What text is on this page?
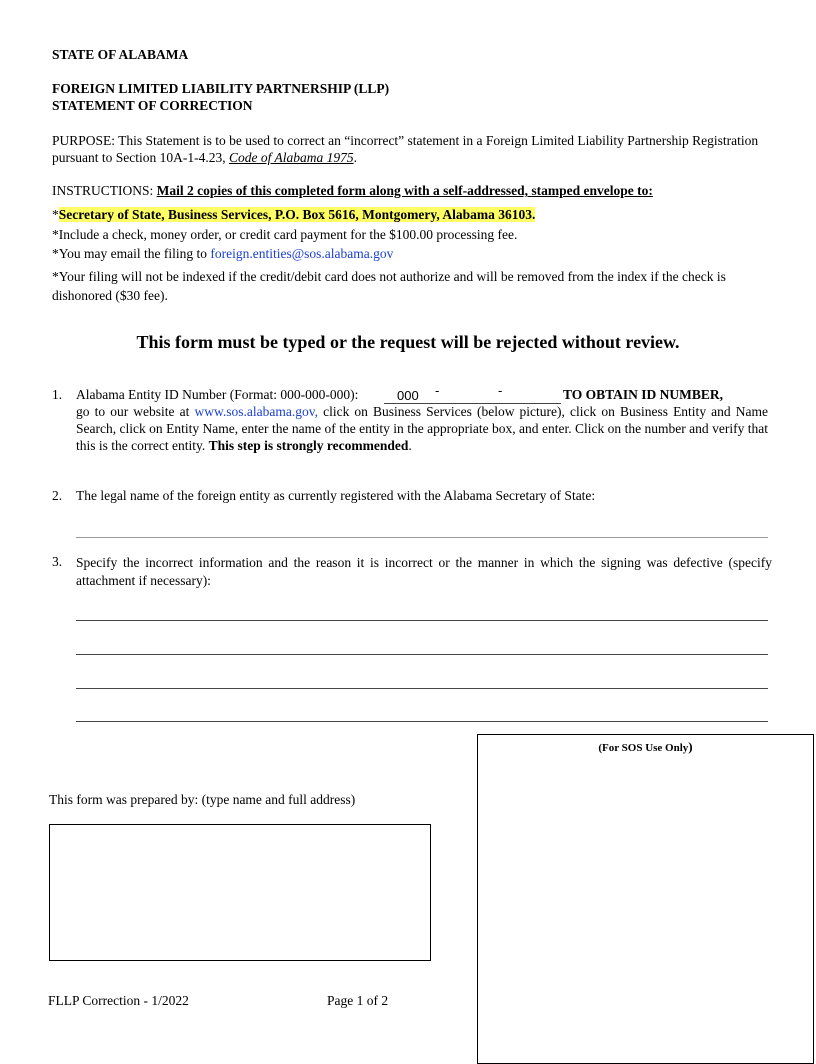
STATE OF ALABAMA
FOREIGN LIMITED LIABILITY PARTNERSHIP (LLP)
STATEMENT OF CORRECTION
PURPOSE: This Statement is to be used to correct an “incorrect” statement in a Foreign Limited Liability Partnership Registration pursuant to Section 10A-1-4.23, Code of Alabama 1975.
INSTRUCTIONS: Mail 2 copies of this completed form along with a self-addressed, stamped envelope to:
*Secretary of State, Business Services, P.O. Box 5616, Montgomery, Alabama 36103.
*Include a check, money order, or credit card payment for the $100.00 processing fee.
*You may email the filing to foreign.entities@sos.alabama.gov
*Your filing will not be indexed if the credit/debit card does not authorize and will be removed from the index if the check is dishonored ($30 fee).
This form must be typed or the request will be rejected without review.
1. Alabama Entity ID Number (Format: 000-000-000):	000 -	-	TO OBTAIN ID NUMBER,
go to our website at www.sos.alabama.gov, click on Business Services (below picture), click on Business Entity and Name Search, click on Entity Name, enter the name of the entity in the appropriate box, and enter. Click on the number and verify that this is the correct entity. This step is strongly recommended.
2. The legal name of the foreign entity as currently registered with the Alabama Secretary of State:
3. Specify the incorrect information and the reason it is incorrect or the manner in which the signing was defective (specify attachment if necessary):
(For SOS Use Only)
This form was prepared by: (type name and full address)
FLLP Correction - 1/2022	Page 1 of 2
